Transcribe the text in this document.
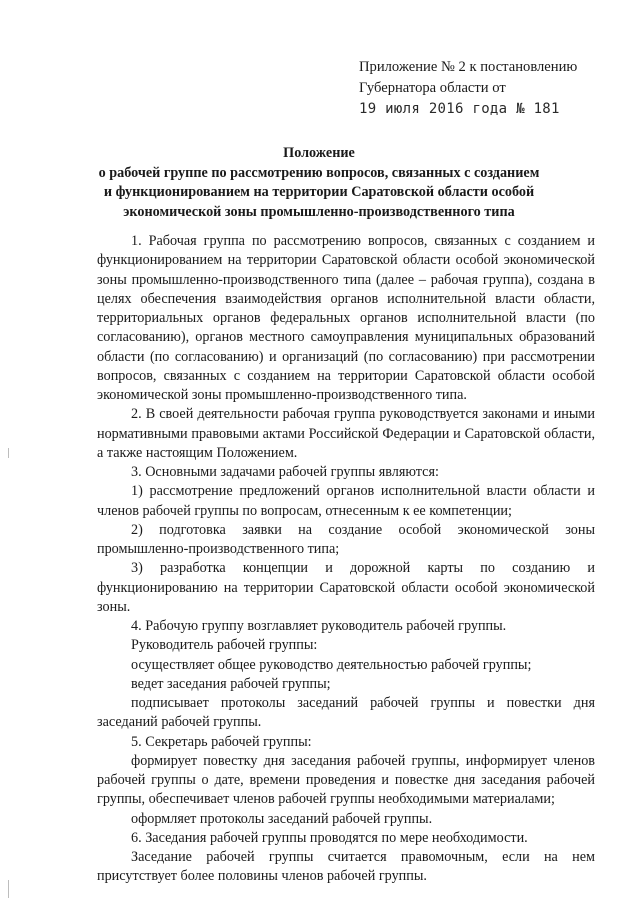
Приложение № 2 к постановлению
Губернатора области от
19 июля 2016 года № 181
Положение
о рабочей группе по рассмотрению вопросов, связанных с созданием
и функционированием на территории Саратовской области особой
экономической зоны промышленно-производственного типа

1. Рабочая группа по рассмотрению вопросов, связанных с созданием и функционированием на территории Саратовской области особой экономической зоны промышленно-производственного типа (далее – рабочая группа), создана в целях обеспечения взаимодействия органов исполнительной власти области, территориальных органов федеральных органов исполнительной власти (по согласованию), органов местного самоуправления муниципальных образований области (по согласованию) и организаций (по согласованию) при рассмотрении вопросов, связанных с созданием на территории Саратовской области особой экономической зоны промышленно-производственного типа.

2. В своей деятельности рабочая группа руководствуется законами и иными нормативными правовыми актами Российской Федерации и Саратовской области, а также настоящим Положением.

3. Основными задачами рабочей группы являются:

1) рассмотрение предложений органов исполнительной власти области и членов рабочей группы по вопросам, отнесенным к ее компетенции;

2) подготовка заявки на создание особой экономической зоны промышленно-производственного типа;

3) разработка концепции и дорожной карты по созданию и функционированию на территории Саратовской области особой экономической зоны.

4. Рабочую группу возглавляет руководитель рабочей группы.

Руководитель рабочей группы:

осуществляет общее руководство деятельностью рабочей группы;

ведет заседания рабочей группы;

подписывает протоколы заседаний рабочей группы и повестки дня заседаний рабочей группы.

5. Секретарь рабочей группы:

формирует повестку дня заседания рабочей группы, информирует членов рабочей группы о дате, времени проведения и повестке дня заседания рабочей группы, обеспечивает членов рабочей группы необходимыми материалами;

оформляет протоколы заседаний рабочей группы.

6. Заседания рабочей группы проводятся по мере необходимости.

Заседание рабочей группы считается правомочным, если на нем присутствует более половины членов рабочей группы.
